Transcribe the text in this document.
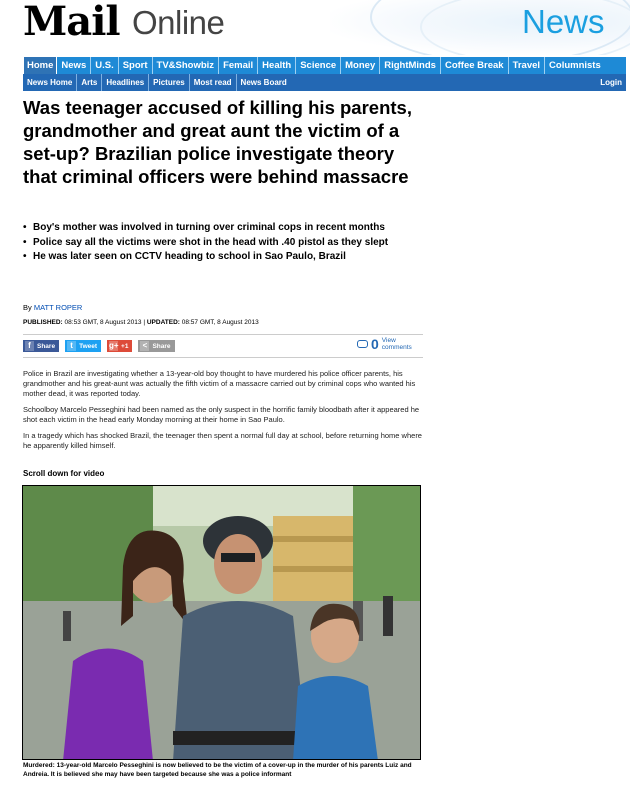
Mail Online	News
Home News U.S. Sport TV&Showbiz Femail Health Science Money RightMinds Coffee Break Travel Columnists
News Home	Arts	Headlines	Pictures	Most read	News Board	Login
Was teenager accused of killing his parents, grandmother and great aunt the victim of a set-up? Brazilian police investigate theory that criminal officers were behind massacre
• Boy's mother was involved in turning over criminal cops in recent months
• Police say all the victims were shot in the head with .40 pistol as they slept
• He was later seen on CCTV heading to school in Sao Paulo, Brazil
By MATT ROPER
PUBLISHED: 08:53 GMT, 8 August 2013 | UPDATED: 08:57 GMT, 8 August 2013
f Share	t Tweet g+ +1 < Share	0 View comments

Police in Brazil are investigating whether a 13-year-old boy thought to have murdered his police officer parents, his grandmother and his great-aunt was actually the fifth victim of a massacre carried out by criminal cops who wanted his mother dead, it was reported today.

Schoolboy Marcelo Pesseghini had been named as the only suspect in the horrific family bloodbath after it appeared he shot each victim in the head early Monday morning at their home in Sao Paulo.

In a tragedy which has shocked Brazil, the teenager then spent a normal full day at school, before returning home where he apparently killed himself.

Scroll down for video
Murdered: 13-year-old Marcelo Pesseghini is now believed to be the victim of a cover-up in the murder of his parents Luiz and Andreia. It is believed she may have been targeted because she was a police informant
